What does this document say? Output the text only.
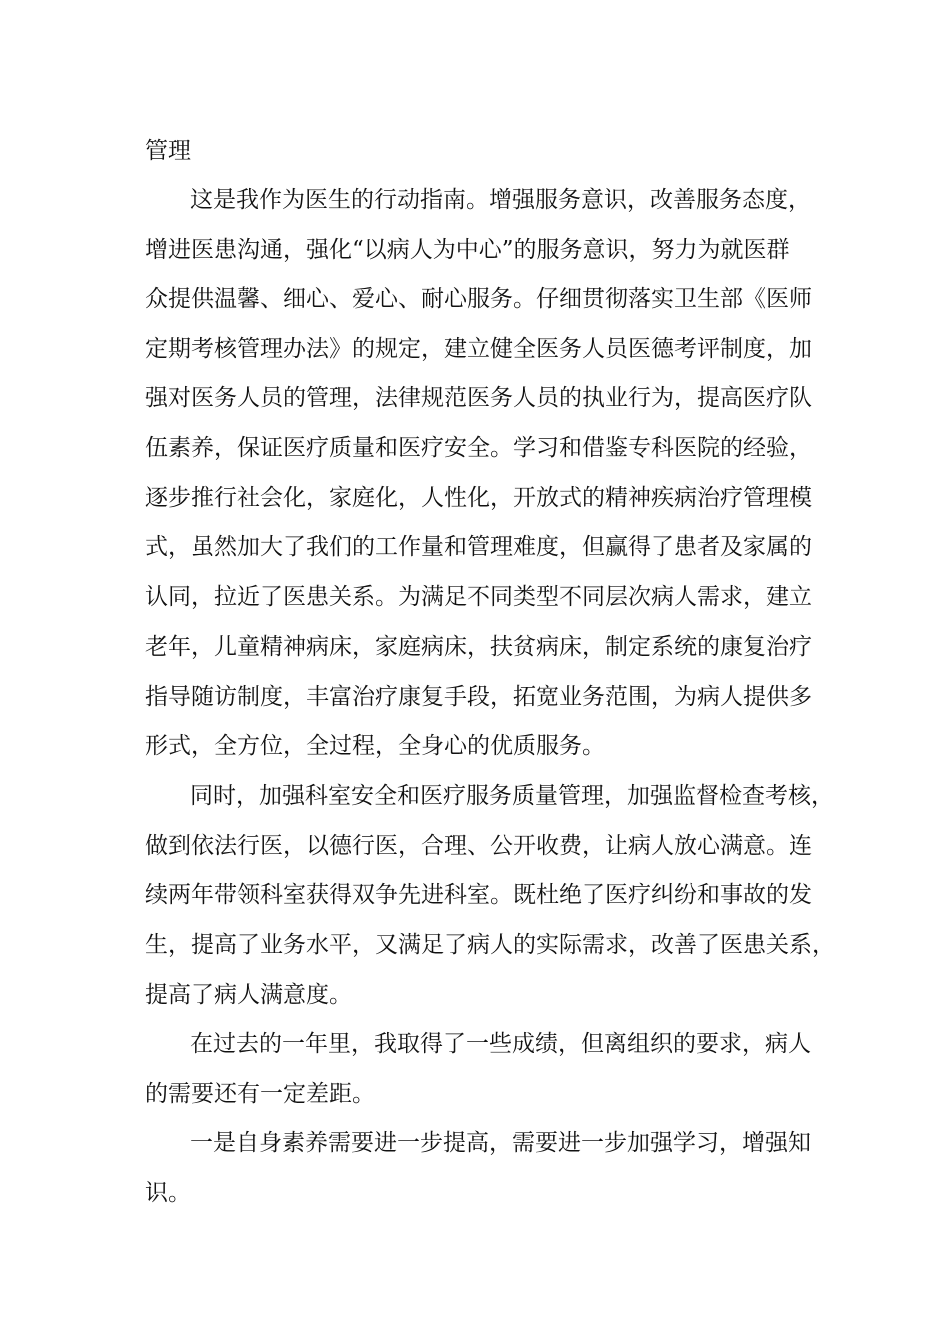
管理
这是我作为医生的行动指南。增强服务意识，改善服务态度，
增进医患沟通，强化“以病人为中心”的服务意识，努力为就医群
众提供温馨、细心、爱心、耐心服务。仔细贯彻落实卫生部《医师
定期考核管理办法》的规定，建立健全医务人员医德考评制度，加
强对医务人员的管理，法律规范医务人员的执业行为，提高医疗队
伍素养，保证医疗质量和医疗安全。学习和借鉴专科医院的经验，
逐步推行社会化，家庭化，人性化，开放式的精神疾病治疗管理模
式，虽然加大了我们的工作量和管理难度，但赢得了患者及家属的
认同，拉近了医患关系。为满足不同类型不同层次病人需求，建立
老年，儿童精神病床，家庭病床，扶贫病床，制定系统的康复治疗
指导随访制度，丰富治疗康复手段，拓宽业务范围，为病人提供多
形式，全方位，全过程，全身心的优质服务。
同时，加强科室安全和医疗服务质量管理，加强监督检查考核，
做到依法行医，以德行医，合理、公开收费，让病人放心满意。连
续两年带领科室获得双争先进科室。既杜绝了医疗纠纷和事故的发
生，提高了业务水平，又满足了病人的实际需求，改善了医患关系，
提高了病人满意度。
在过去的一年里，我取得了一些成绩，但离组织的要求，病人
的需要还有一定差距。
一是自身素养需要进一步提高，需要进一步加强学习，增强知
识。
